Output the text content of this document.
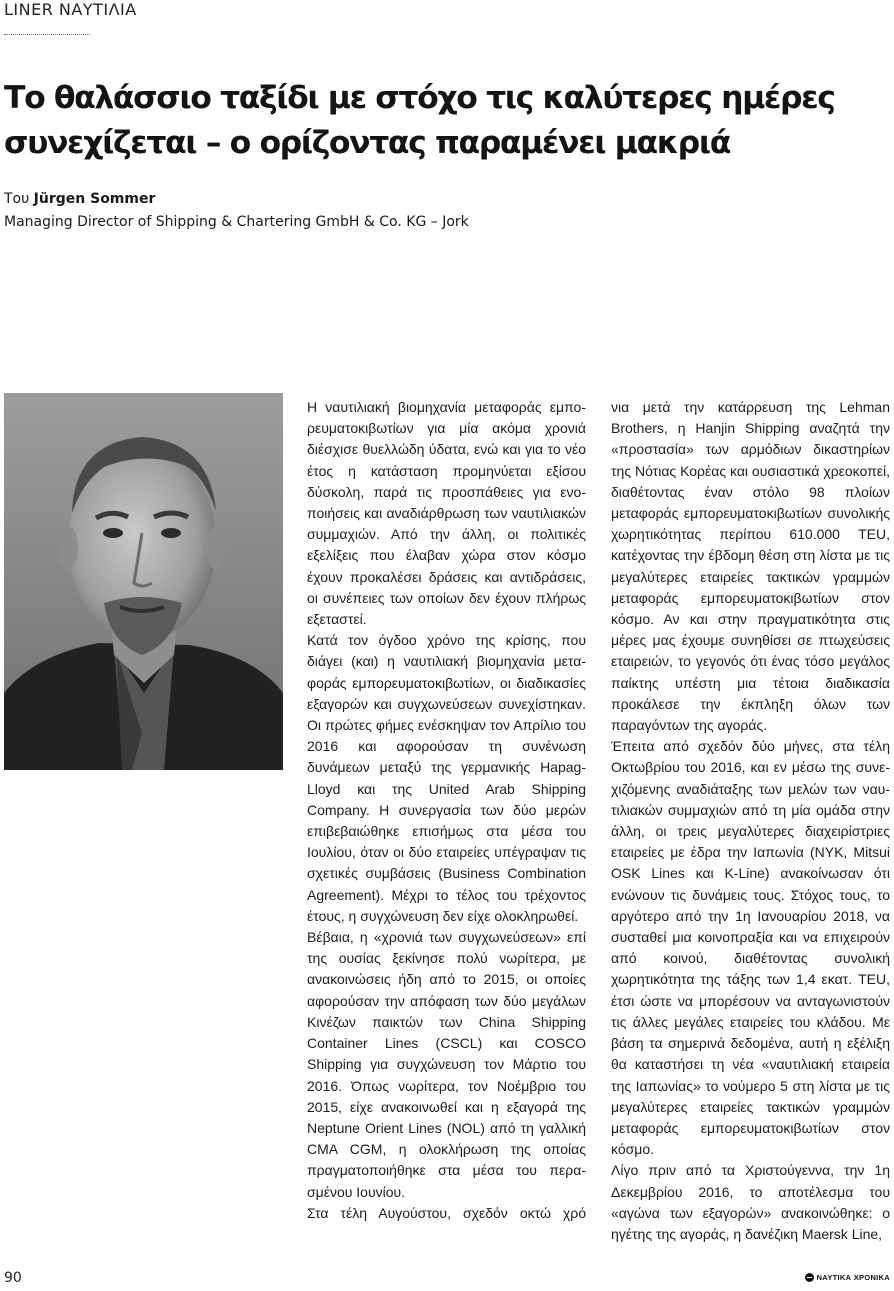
LINER ΝΑΥΤΙΛΙΑ
Το θαλάσσιο ταξίδι με στόχο τις καλύτερες ημέρες
συνεχίζεται – ο ορίζοντας παραμένει μακριά
Του Jürgen Sommer
Managing Director of Shipping & Chartering GmbH & Co. KG – Jork

Η ναυτιλιακή βιομηχανία μεταφοράς εμπορευματοκιβωτίων για μία ακόμα χρονιά διέσχισε θυελλώδη ύδατα, ενώ και για το νέο έτος η κατάσταση προμηνύεται εξίσου δύσκολη, παρά τις προσπάθειες για ενοποιήσεις και αναδιάρθρωση των ναυτιλιακών συμμαχιών. Από την άλλη, οι πολιτικές εξελίξεις που έλαβαν χώρα στον κόσμο έχουν προκαλέσει δράσεις και αντιδράσεις, οι συνέπειες των οποίων δεν έχουν πλήρως εξεταστεί.

Κατά τον όγδοο χρόνο της κρίσης, που διάγει (και) η ναυτιλιακή βιομηχανία μεταφοράς εμπορευματοκιβωτίων, οι διαδικασίες εξαγορών και συγχωνεύσεων συνεχίστηκαν. Οι πρώτες φήμες ενέσκηψαν τον Απρίλιο του 2016 και αφορούσαν τη συνένωση δυνάμεων μεταξύ της γερμανικής Hapag-Lloyd και της United Arab Shipping Company. Η συνεργασία των δύο μερών επιβεβαιώθηκε επισήμως στα μέσα του Ιουλίου, όταν οι δύο εταιρείες υπέγραψαν τις σχετικές συμβάσεις (Business Combination Agreement). Μέχρι το τέλος του τρέχοντος έτους, η συγχώνευση δεν είχε ολοκληρωθεί.

Βέβαια, η «χρονιά των συγχωνεύσεων» επί της ουσίας ξεκίνησε πολύ νωρίτερα, με ανακοινώσεις ήδη από το 2015, οι οποίες αφορούσαν την απόφαση των δύο μεγάλων Κινέζων παικτών των China Shipping Container Lines (CSCL) και COSCO Shipping για συγχώνευση τον Μάρτιο του 2016. Όπως νωρίτερα, τον Νοέμβριο του 2015, είχε ανακοινωθεί και η εξαγορά της Neptune Orient Lines (NOL) από τη γαλλική CMA CGM, η ολοκλήρωση της οποίας πραγματοποιήθηκε στα μέσα του περασμένου Ιουνίου.

Στα τέλη Αυγούστου, σχεδόν οκτώ χρό

νια μετά την κατάρρευση της Lehman Brothers, η Hanjin Shipping αναζητά την «προστασία» των αρμόδιων δικαστηρίων της Νότιας Κορέας και ουσιαστικά χρεοκοπεί, διαθέτοντας έναν στόλο 98 πλοίων μεταφοράς εμπορευματοκιβωτίων συνολικής χωρητικότητας περίπου 610.000 TEU, κατέχοντας την έβδομη θέση στη λίστα με τις μεγαλύτερες εταιρείες τακτικών γραμμών μεταφοράς εμπορευματοκιβωτίων στον κόσμο. Αν και στην πραγματικότητα στις μέρες μας έχουμε συνηθίσει σε πτωχεύσεις εταιρειών, το γεγονός ότι ένας τόσο μεγάλος παίκτης υπέστη μια τέτοια διαδικασία προκάλεσε την έκπληξη όλων των παραγόντων της αγοράς.

Έπειτα από σχεδόν δύο μήνες, στα τέλη Οκτωβρίου του 2016, και εν μέσω της συνεχιζόμενης αναδιάταξης των μελών των ναυτιλιακών συμμαχιών από τη μία ομάδα στην άλλη, οι τρεις μεγαλύτερες διαχειρίστριες εταιρείες με έδρα την Ιαπωνία (NYK, Mitsui OSK Lines και K-Line) ανακοίνωσαν ότι ενώνουν τις δυνάμεις τους. Στόχος τους, το αργότερο από την 1η Ιανουαρίου 2018, να συσταθεί μια κοινοπραξία και να επιχειρούν από κοινού, διαθέτοντας συνολική χωρητικότητα της τάξης των 1,4 εκατ. TEU, έτσι ώστε να μπορέσουν να ανταγωνιστούν τις άλλες μεγάλες εταιρείες του κλάδου. Με βάση τα σημερινά δεδομένα, αυτή η εξέλιξη θα καταστήσει τη νέα «ναυτιλιακή εταιρεία της Ιαπωνίας» το νούμερο 5 στη λίστα με τις μεγαλύτερες εταιρείες τακτικών γραμμών μεταφοράς εμπορευματοκιβωτίων στον κόσμο.

Λίγο πριν από τα Χριστούγεννα, την 1η Δεκεμβρίου 2016, το αποτέλεσμα του «αγώνα των εξαγορών» ανακοινώθηκε: ο ηγέτης της αγοράς, η δανέζικη Maersk Line,

90	ΝΑΥΤΙΚΑ ΧΡΟΝΙΚΑ
